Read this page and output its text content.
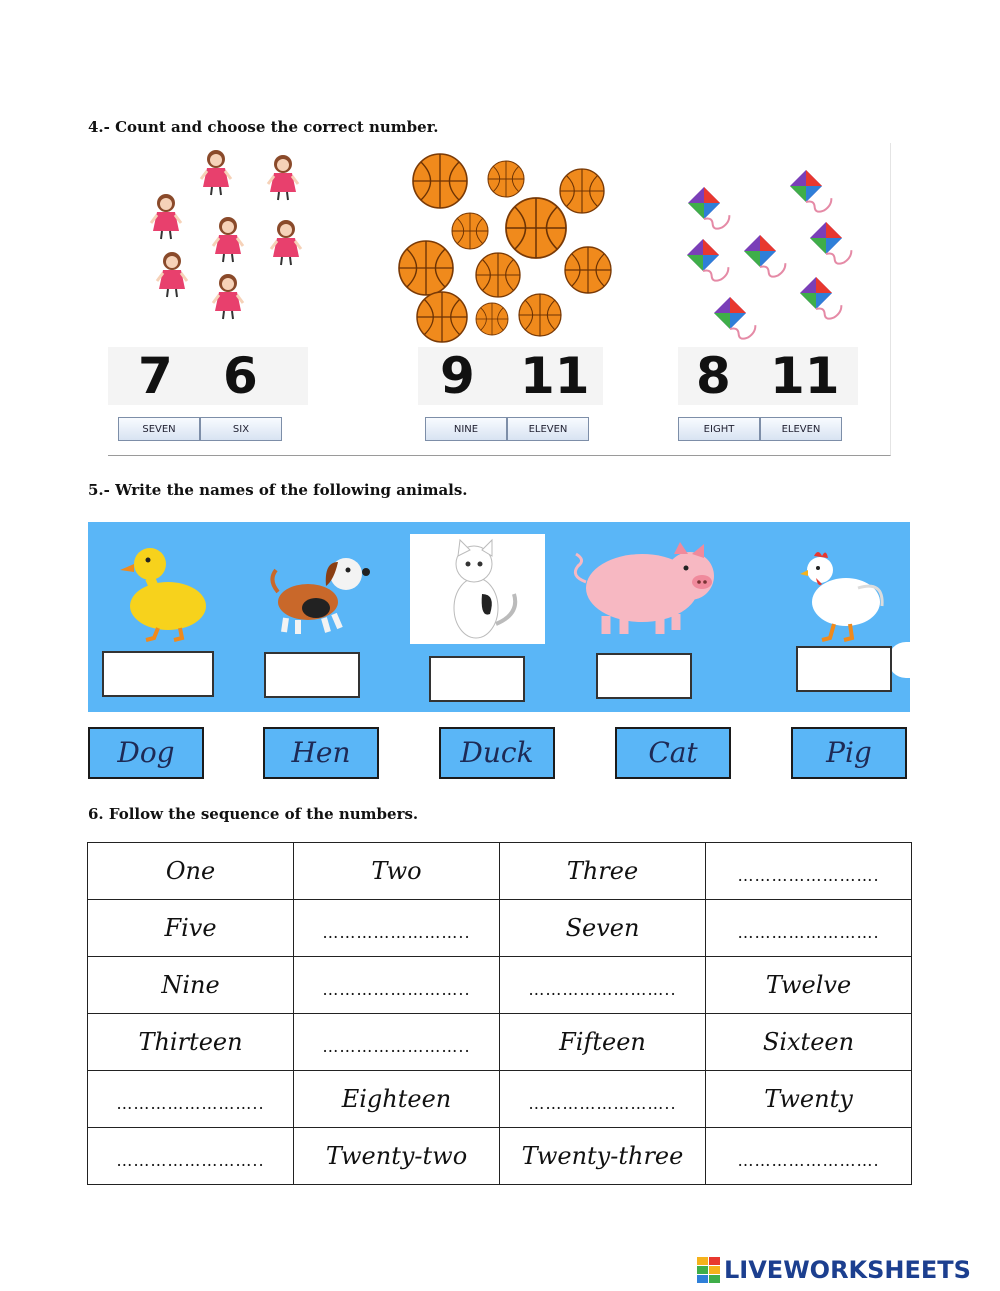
4.- Count and choose the correct number.
7 6
SEVEN	SIX
9 11
NINE	ELEVEN
8 11
EIGHT	ELEVEN
5.- Write the names of the following animals.
Dog	Hen	Duck	Cat	Pig
6. Follow the sequence of the numbers.
One	Two	Three	…………………….
Five	……………………..	Seven	…………………….
Nine	……………………..	……………………..	Twelve
Thirteen	……………………..	Fifteen	Sixteen
……………………..	Eighteen	……………………..	Twenty
……………………..	Twenty-two	Twenty-three	…………………….
LIVEWORKSHEETS
